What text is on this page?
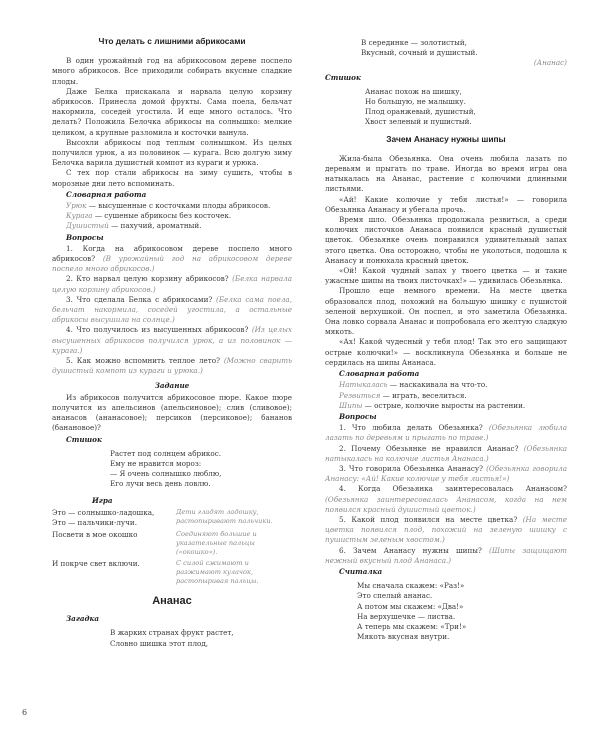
Что делать с лишними абрикосами

В один урожайный год на абрикосовом дереве поспело много абрикосов. Все приходили собирать вкусные сладкие плоды.

Даже Белка прискакала и нарвала целую корзину абрикосов. Принесла домой фрукты. Сама поела, бельчат накормила, соседей угостила. И еще много осталось. Что делать? Положила Белочка абрикосы на солнышко: мелкие целиком, а крупные разломила и косточки вынула.

Высохли абрикосы под теплым солнышком. Из целых получился урюк, а из половинок — курага. Всю долгую зиму Белочка варила душистый компот из кураги и урюка.

С тех пор стали абрикосы на зиму сушить, чтобы в морозные дни лето вспоминать.

Словарная работа

Урюк — высушенные с косточками плоды абрикосов.

Курага — сушеные абрикосы без косточек.

Душистый — пахучий, ароматный.

Вопросы

1. Когда на абрикосовом дереве поспело много абрикосов? (В урожайный год на абрикосовом дереве поспело много абрикосов.)

2. Кто нарвал целую корзину абрикосов? (Белка нарвала целую корзину абрикосов.)

3. Что сделала Белка с абрикосами? (Белка сама поела, бельчат накормила, соседей угостила, а остальные абрикосы высушила на солнце.)

4. Что получилось из высушенных абрикосов? (Из целых высушенных абрикосов получился урюк, а из половинок — курага.)

5. Как можно вспомнить теплое лето? (Можно сварить душистый компот из кураги и урюка.)

Задание

Из абрикосов получится абрикосовое пюре. Какое пюре получится из апельсинов (апельсиновое); слив (сливовое); ананасов (ананасовое); персиков (персиковое); бананов (банановое)?

Стишок
Растет под солнцем абрикос.
Ему не нравится мороз:
— Я очень солнышко люблю,
Его лучи весь день ловлю.
Игра
Это — солнышко-ладошка,	Дети гладят ладошку, растопыривают пальчики.
Это — пальчики-лучи.
Посвети в мое окошко	Соединяют большие и указательные пальцы («окошко»).
И покрче свет включи.	С силой сжимают и разжимают кулачок, растопыривая пальцы.
Ананас
Загадка
В жарких странах фрукт растет,
Словно шишка этот плод,
В серединке — золотистый,
Вкусный, сочный и душистый.
(Ананас)
Стишок
Ананас похож на шишку,
Но большую, не малышку.
Плод оранжевый, душистый,
Хвост зеленый и пушистый.
Зачем Ананасу нужны шипы

Жила-была Обезьянка. Она очень любила лазать по деревьям и прыгать по траве. Иногда во время игры она натыкалась на Ананас, растение с колючими длинными листьями.

«Ай! Какие колючие у тебя листья!» — говорила Обезьянка Ананасу и убегала прочь.

Время шло. Обезьянка продолжала резвиться, а среди колючих листочков Ананаса появился красный душистый цветок. Обезьянке очень понравился удивительный запах этого цветка. Она осторожно, чтобы не уколоться, подошла к Ананасу и понюхала красный цветок.

«Ой! Какой чудный запах у твоего цветка — и такие ужасные шипы на твоих листочках!» — удивилась Обезьянка.

Прошло еще немного времени. На месте цветка образовался плод, похожий на большую шишку с пушистой зеленой верхушкой. Он поспел, и это заметила Обезьянка. Она ловко сорвала Ананас и попробовала его желтую сладкую мякоть.

«Ах! Какой чудесный у тебя плод! Так это его защищают острые колючки!» — воскликнула Обезьянка и больше не сердилась на шипы Ананаса.

Словарная работа

Натыкалась — наскакивала на что-то.

Резвиться — играть, веселиться.

Шипы — острые, колючие выросты на растении.

Вопросы

1. Что любила делать Обезьянка? (Обезьянка любила лазать по деревьям и прыгать по траве.)

2. Почему Обезьянке не нравился Ананас? (Обезьянка натыкалась на колючие листья Ананаса.)

3. Что говорила Обезьянка Ананасу? (Обезьянка говорила Ананасу: «Ай! Какие колючие у тебя листья!»)

4. Когда Обезьянка заинтересовалась Ананасом? (Обезьянка заинтересовалась Ананасом, когда на нем появился красный душистый цветок.)

5. Какой плод появился на месте цветка? (На месте цветка появился плод, похожий на зеленую шишку с пушистым зеленым хвостом.)

6. Зачем Ананасу нужны шипы? (Шипы защищают нежный вкусный плод Ананаса.)

Считалка
Мы сначала скажем: «Раз!»
Это спелый ананас.
А потом мы скажем: «Два!»
На верхушечке — листва.
А теперь мы скажем: «Три!»
Мякоть вкусная внутри.
6
